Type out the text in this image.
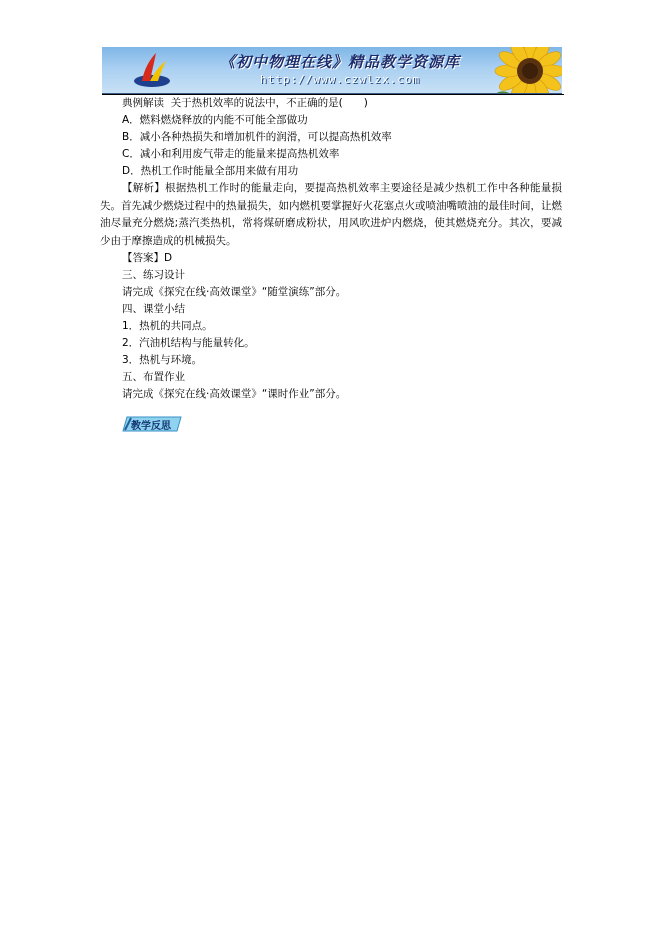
《初中物理在线》精品教学资源库
http://www.czwlzx.com
典例解读 关于热机效率的说法中，不正确的是(　　)
A．燃料燃烧释放的内能不可能全部做功
B．减小各种热损失和增加机件的润滑，可以提高热机效率
C．减小和利用废气带走的能量来提高热机效率
D．热机工作时能量全部用来做有用功
【解析】根据热机工作时的能量走向，要提高热机效率主要途径是减少热机工作中各种能量损失。首先减少燃烧过程中的热量损失，如内燃机要掌握好火花塞点火或喷油嘴喷油的最佳时间，让燃油尽量充分燃烧;蒸汽类热机，常将煤研磨成粉状，用风吹进炉内燃烧，使其燃烧充分。其次，要减少由于摩擦造成的机械损失。
【答案】D
三、练习设计
请完成《探究在线·高效课堂》“随堂演练”部分。
四、课堂小结
1．热机的共同点。
2．汽油机结构与能量转化。
3．热机与环境。
五、布置作业
请完成《探究在线·高效课堂》“课时作业”部分。
教学反思
